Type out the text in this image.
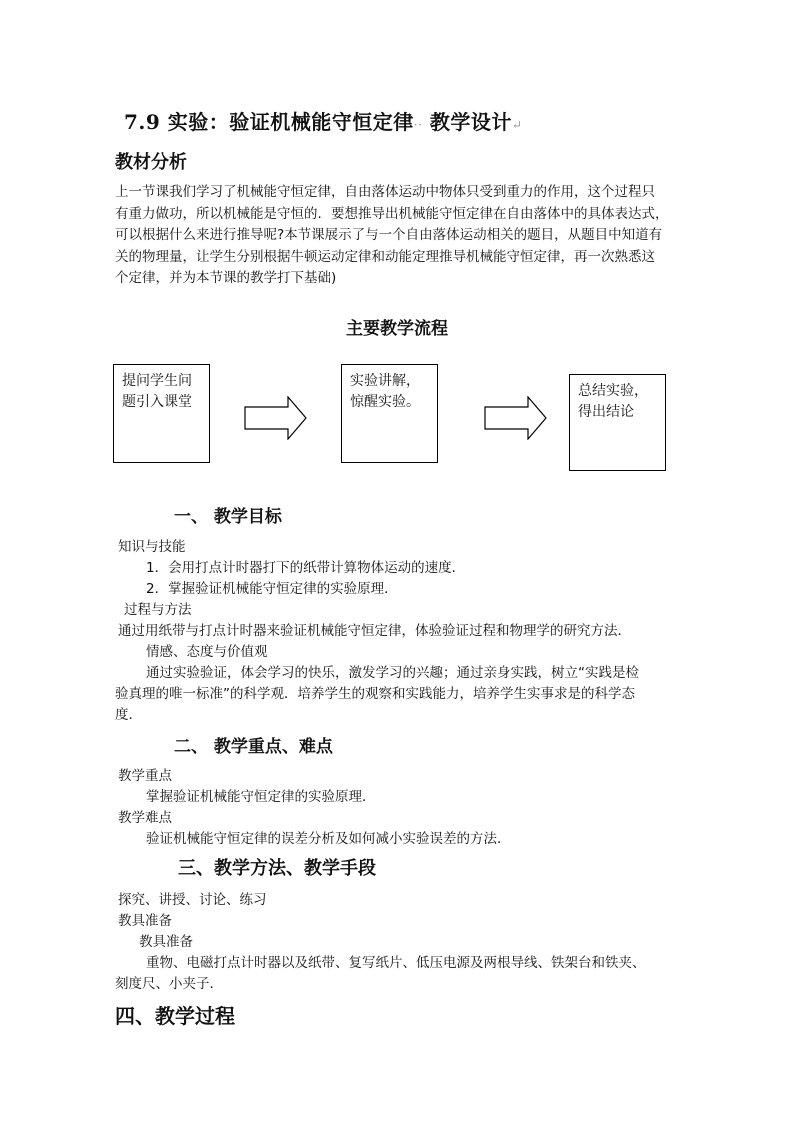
7.9 实验：验证机械能守恒定律·· 教学设计↵
教材分析

上一节课我们学习了机械能守恒定律，自由落体运动中物体只受到重力的作用，这个过程只

有重力做功，所以机械能是守恒的．要想推导出机械能守恒定律在自由落体中的具体表达式，

可以根据什么来进行推导呢?本节课展示了与一个自由落体运动相关的题目，从题目中知道有

关的物理量，让学生分别根据牛顿运动定律和动能定理推导机械能守恒定律，再一次熟悉这

个定律，并为本节课的教学打下基础)

主要教学流程
提问学生问题引入课堂
实验讲解，惊醒实验。
总结实验，得出结论
一、 教学目标
知识与技能
1．会用打点计时器打下的纸带计算物体运动的速度．
2．掌握验证机械能守恒定律的实验原理．
过程与方法
通过用纸带与打点计时器来验证机械能守恒定律，体验验证过程和物理学的研究方法．
情感、态度与价值观
通过实验验证，体会学习的快乐，激发学习的兴趣；通过亲身实践，树立“实践是检
验真理的唯一标准”的科学观．培养学生的观察和实践能力，培养学生实事求是的科学态
度．
二、 教学重点、难点
教学重点
掌握验证机械能守恒定律的实验原理．
教学难点
验证机械能守恒定律的误差分析及如何减小实验误差的方法．
三、教学方法、教学手段
探究、讲授、讨论、练习
教具准备
教具准备
重物、电磁打点计时器以及纸带、复写纸片、低压电源及两根导线、铁架台和铁夹、
刻度尺、小夹子．
四、教学过程
